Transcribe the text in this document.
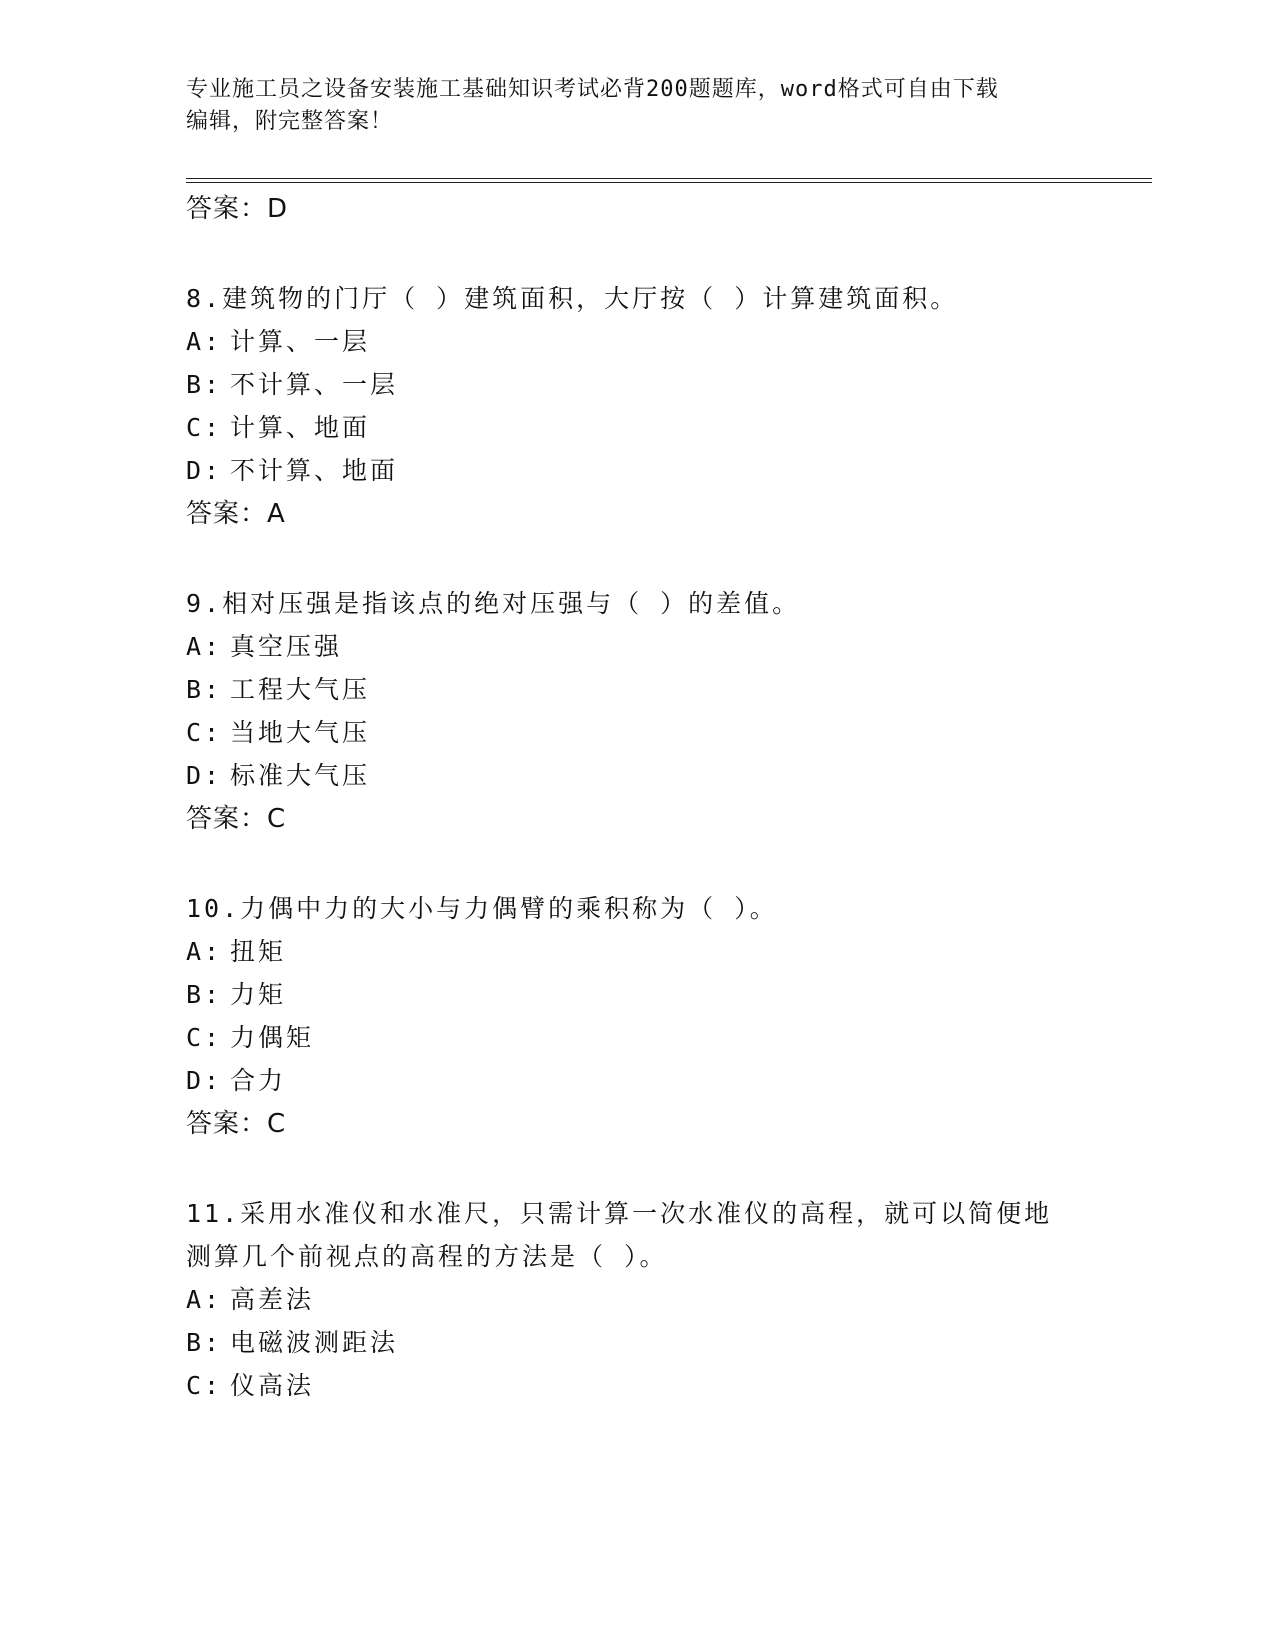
专业施工员之设备安装施工基础知识考试必背200题题库，word格式可自由下载
编辑，附完整答案！
答案：D
8.建筑物的门厅（ ）建筑面积，大厅按（ ）计算建筑面积。
A: 计算、一层
B: 不计算、一层
C: 计算、地面
D: 不计算、地面
答案：A
9.相对压强是指该点的绝对压强与（ ）的差值。
A: 真空压强
B: 工程大气压
C: 当地大气压
D: 标准大气压
答案：C
10.力偶中力的大小与力偶臂的乘积称为（ ）。
A: 扭矩
B: 力矩
C: 力偶矩
D: 合力
答案：C
11.采用水准仪和水准尺，只需计算一次水准仪的高程，就可以简便地
测算几个前视点的高程的方法是（ ）。
A: 高差法
B: 电磁波测距法
C: 仪高法
